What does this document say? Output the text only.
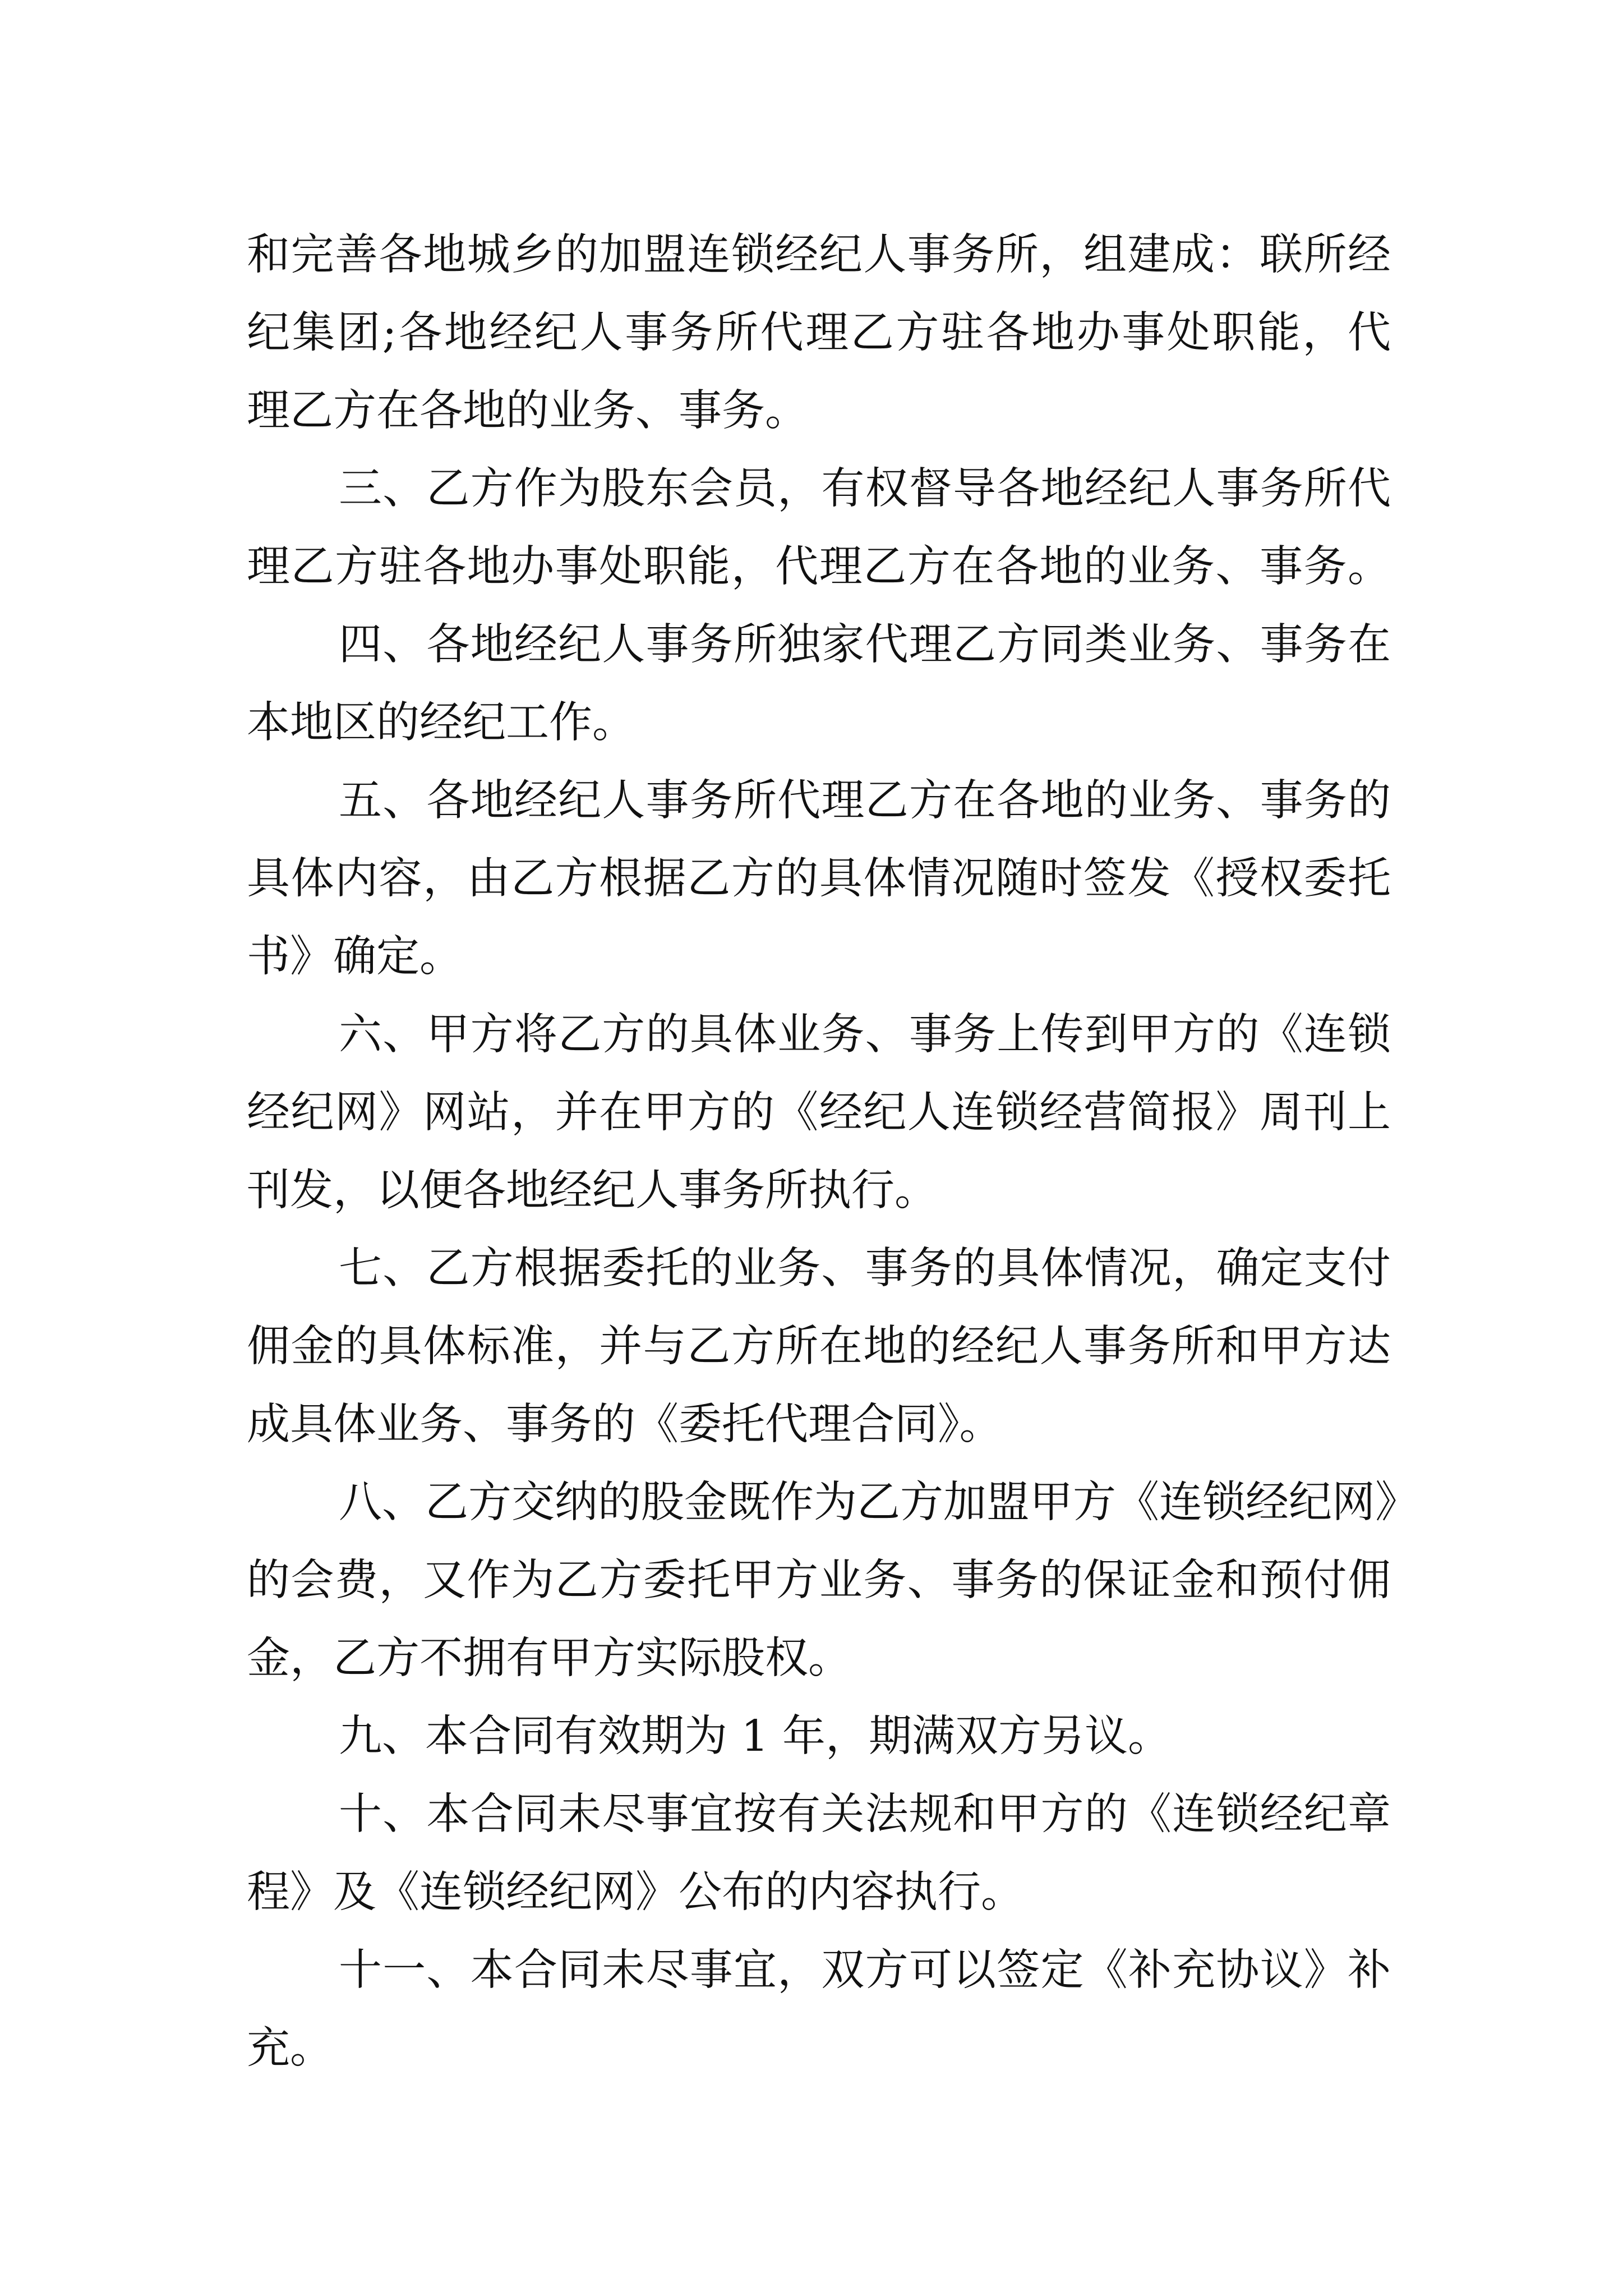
和完善各地城乡的加盟连锁经纪人事务所，组建成：联所经
纪集团;各地经纪人事务所代理乙方驻各地办事处职能，代
理乙方在各地的业务、事务。
三、乙方作为股东会员，有权督导各地经纪人事务所代
理乙方驻各地办事处职能，代理乙方在各地的业务、事务。
四、各地经纪人事务所独家代理乙方同类业务、事务在
本地区的经纪工作。
五、各地经纪人事务所代理乙方在各地的业务、事务的
具体内容，由乙方根据乙方的具体情况随时签发《授权委托
书》确定。
六、甲方将乙方的具体业务、事务上传到甲方的《连锁
经纪网》网站，并在甲方的《经纪人连锁经营简报》周刊上
刊发，以便各地经纪人事务所执行。
七、乙方根据委托的业务、事务的具体情况，确定支付
佣金的具体标准，并与乙方所在地的经纪人事务所和甲方达
成具体业务、事务的《委托代理合同》。
八、乙方交纳的股金既作为乙方加盟甲方《连锁经纪网》
的会费，又作为乙方委托甲方业务、事务的保证金和预付佣
金，乙方不拥有甲方实际股权。
九、本合同有效期为 1 年，期满双方另议。
十、本合同未尽事宜按有关法规和甲方的《连锁经纪章
程》及《连锁经纪网》公布的内容执行。
十一、本合同未尽事宜，双方可以签定《补充协议》补
充。
